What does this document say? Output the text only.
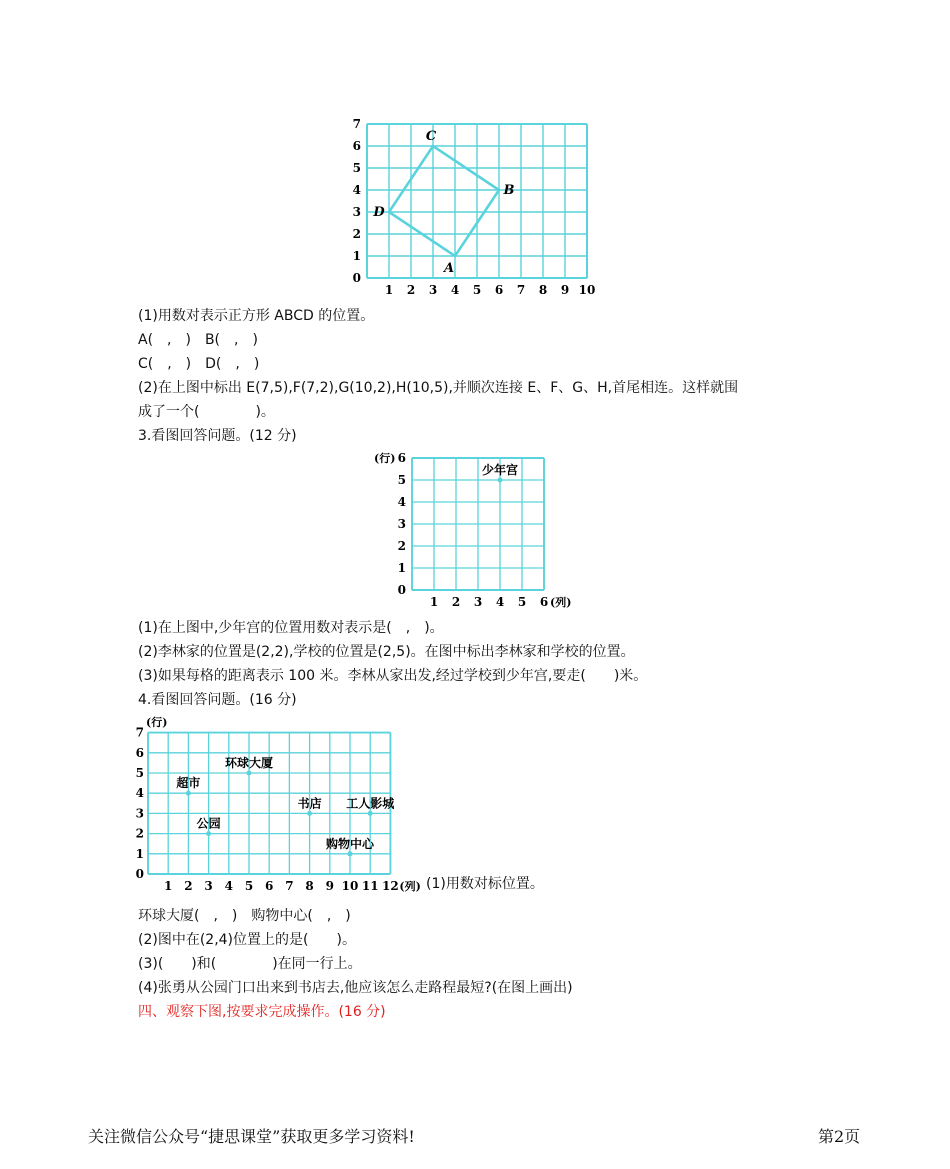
1 2 3 4 5 6 7 8 9 10
0
1
2
3
4
5
6
7
A
B
C
D
(1)用数对表示正方形 ABCD 的位置。
A(　,　)　B(　,　)
C(　,　)　D(　,　)
(2)在上图中标出 E(7,5),F(7,2),G(10,2),H(10,5),并顺次连接 E、F、G、H,首尾相连。这样就围
成了一个(　　　　)。
3.看图回答问题。(12 分)
(行)
0
1
2
3
4
5
6
1 2 3 4 5 6 (列)
少年宫
(1)在上图中,少年宫的位置用数对表示是(　,　)。
(2)李林家的位置是(2,2),学校的位置是(2,5)。在图中标出李林家和学校的位置。
(3)如果每格的距离表示 100 米。李林从家出发,经过学校到少年宫,要走(　　)米。
4.看图回答问题。(16 分)
(行)
0
1
2
3
4
5
6
7
1 2 3 4 5 6 7 8 9 10 11 12 (列)
超市
环球大厦
公园
书店 工人影城
购物中心
(1)用数对标位置。
环球大厦(　,　)　购物中心(　,　)
(2)图中在(2,4)位置上的是(　　)。
(3)(　　)和(　　　　)在同一行上。
(4)张勇从公园门口出来到书店去,他应该怎么走路程最短?(在图上画出)
四、观察下图,按要求完成操作。(16 分)
关注微信公众号“捷思课堂”获取更多学习资料!	第2页
